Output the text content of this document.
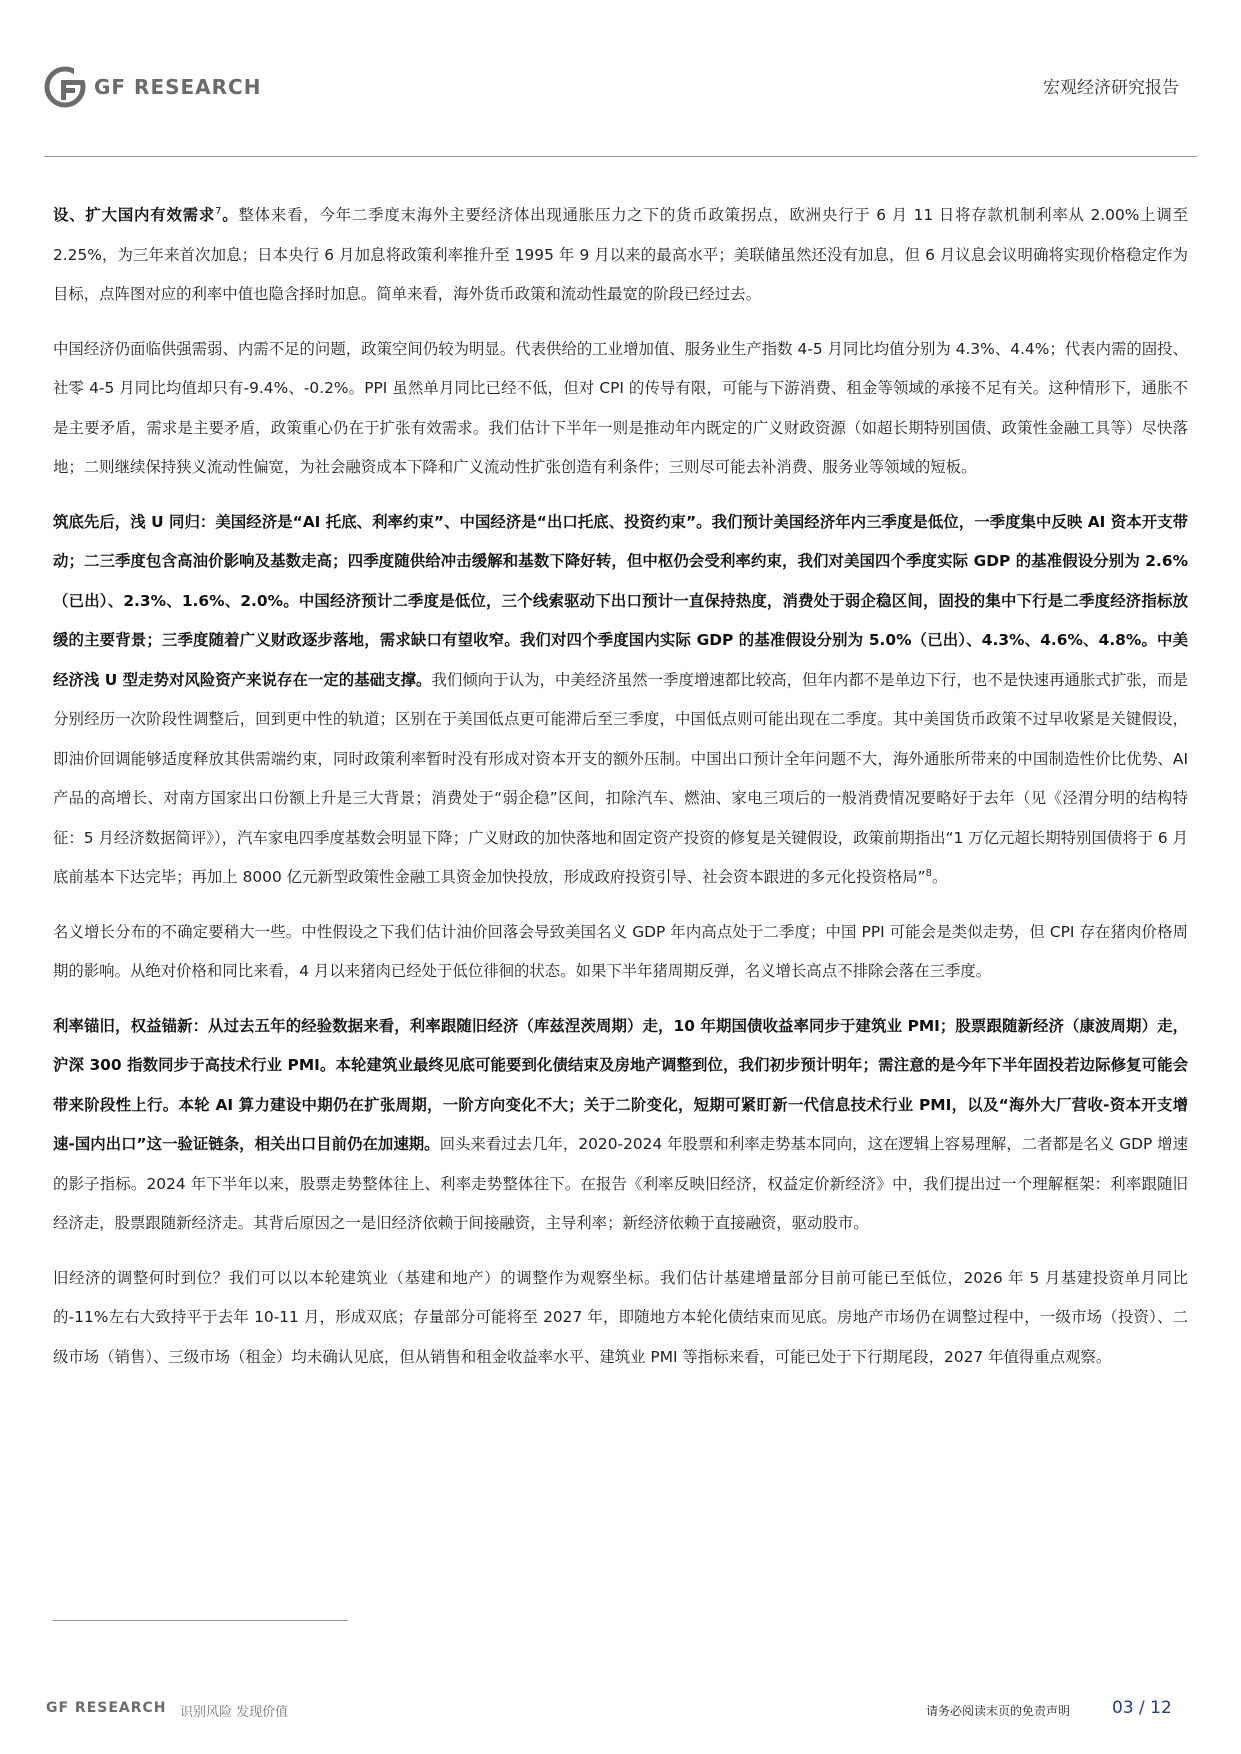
GF RESEARCH	宏观经济研究报告

设、扩大国内有效需求$^7$。整体来看，今年二季度末海外主要经济体出现通胀压力之下的货币政策拐点，欧洲央行于 6 月 11 日将存款机制利率从 2.00%上调至 2.25%，为三年来首次加息；日本央行 6 月加息将政策利率推升至 1995 年 9 月以来的最高水平；美联储虽然还没有加息，但 6 月议息会议明确将实现价格稳定作为目标，点阵图对应的利率中值也隐含择时加息。简单来看，海外货币政策和流动性最宽的阶段已经过去。

中国经济仍面临供强需弱、内需不足的问题，政策空间仍较为明显。代表供给的工业增加值、服务业生产指数 4-5 月同比均值分别为 4.3%、4.4%；代表内需的固投、社零 4-5 月同比均值却只有-9.4%、-0.2%。PPI 虽然单月同比已经不低，但对 CPI 的传导有限，可能与下游消费、租金等领域的承接不足有关。这种情形下，通胀不是主要矛盾，需求是主要矛盾，政策重心仍在于扩张有效需求。我们估计下半年一则是推动年内既定的广义财政资源（如超长期特别国债、政策性金融工具等）尽快落地；二则继续保持狭义流动性偏宽，为社会融资成本下降和广义流动性扩张创造有利条件；三则尽可能去补消费、服务业等领域的短板。

筑底先后，浅 U 同归：美国经济是“AI 托底、利率约束”、中国经济是“出口托底、投资约束”。我们预计美国经济年内三季度是低位，一季度集中反映 AI 资本开支带动；二三季度包含高油价影响及基数走高；四季度随供给冲击缓解和基数下降好转，但中枢仍会受利率约束，我们对美国四个季度实际 GDP 的基准假设分别为 2.6%（已出）、2.3%、1.6%、2.0%。中国经济预计二季度是低位，三个线索驱动下出口预计一直保持热度，消费处于弱企稳区间，固投的集中下行是二季度经济指标放缓的主要背景；三季度随着广义财政逐步落地，需求缺口有望收窄。我们对四个季度国内实际 GDP 的基准假设分别为 5.0%（已出）、4.3%、4.6%、4.8%。中美经济浅 U 型走势对风险资产来说存在一定的基础支撑。我们倾向于认为，中美经济虽然一季度增速都比较高，但年内都不是单边下行，也不是快速再通胀式扩张，而是分别经历一次阶段性调整后，回到更中性的轨道；区别在于美国低点更可能滞后至三季度，中国低点则可能出现在二季度。其中美国货币政策不过早收紧是关键假设，即油价回调能够适度释放其供需端约束，同时政策利率暂时没有形成对资本开支的额外压制。中国出口预计全年问题不大，海外通胀所带来的中国制造性价比优势、AI 产品的高增长、对南方国家出口份额上升是三大背景；消费处于“弱企稳”区间，扣除汽车、燃油、家电三项后的一般消费情况要略好于去年（见《泾渭分明的结构特征：5 月经济数据简评》），汽车家电四季度基数会明显下降；广义财政的加快落地和固定资产投资的修复是关键假设，政策前期指出“1 万亿元超长期特别国债将于 6 月底前基本下达完毕；再加上 8000 亿元新型政策性金融工具资金加快投放，形成政府投资引导、社会资本跟进的多元化投资格局”$^8$。

名义增长分布的不确定要稍大一些。中性假设之下我们估计油价回落会导致美国名义 GDP 年内高点处于二季度；中国 PPI 可能会是类似走势，但 CPI 存在猪肉价格周期的影响。从绝对价格和同比来看，4 月以来猪肉已经处于低位徘徊的状态。如果下半年猪周期反弹，名义增长高点不排除会落在三季度。

利率锚旧，权益锚新：从过去五年的经验数据来看，利率跟随旧经济（库兹涅茨周期）走，10 年期国债收益率同步于建筑业 PMI；股票跟随新经济（康波周期）走，沪深 300 指数同步于高技术行业 PMI。本轮建筑业最终见底可能要到化债结束及房地产调整到位，我们初步预计明年；需注意的是今年下半年固投若边际修复可能会带来阶段性上行。本轮 AI 算力建设中期仍在扩张周期，一阶方向变化不大；关于二阶变化，短期可紧盯新一代信息技术行业 PMI，以及“海外大厂营收-资本开支增速-国内出口”这一验证链条，相关出口目前仍在加速期。回头来看过去几年，2020-2024 年股票和利率走势基本同向，这在逻辑上容易理解，二者都是名义 GDP 增速的影子指标。2024 年下半年以来，股票走势整体往上、利率走势整体往下。在报告《利率反映旧经济，权益定价新经济》中，我们提出过一个理解框架：利率跟随旧经济走，股票跟随新经济走。其背后原因之一是旧经济依赖于间接融资，主导利率；新经济依赖于直接融资，驱动股市。

旧经济的调整何时到位？我们可以以本轮建筑业（基建和地产）的调整作为观察坐标。我们估计基建增量部分目前可能已至低位，2026 年 5 月基建投资单月同比的-11%左右大致持平于去年 10-11 月，形成双底；存量部分可能将至 2027 年，即随地方本轮化债结束而见底。房地产市场仍在调整过程中，一级市场（投资）、二级市场（销售）、三级市场（租金）均未确认见底，但从销售和租金收益率水平、建筑业 PMI 等指标来看，可能已处于下行期尾段，2027 年值得重点观察。

GF RESEARCH 识别风险 发现价值	请务必阅读末页的免责声明 03 / 12
